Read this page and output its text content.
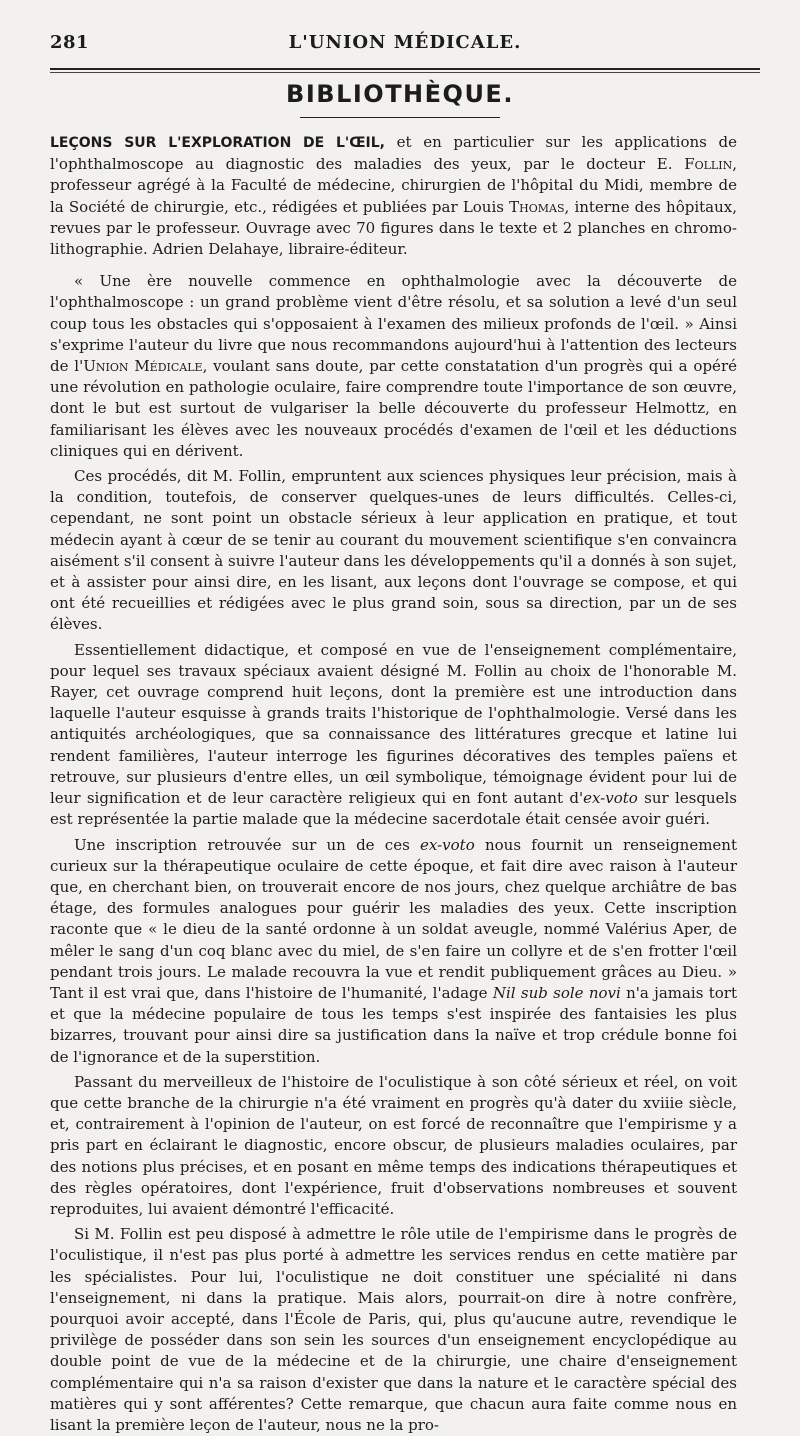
281	L'UNION MÉDICALE.
BIBLIOTHÈQUE.

LEÇONS SUR L'EXPLORATION DE L'ŒIL, et en particulier sur les applications de l'ophthalmoscope au diagnostic des maladies des yeux, par le docteur E. Follin, professeur agrégé à la Faculté de médecine, chirurgien de l'hôpital du Midi, membre de la Société de chirurgie, etc., rédigées et publiées par Louis Thomas, interne des hôpitaux, revues par le professeur. Ouvrage avec 70 figures dans le texte et 2 planches en chromo-lithographie. Adrien Delahaye, libraire-éditeur.

« Une ère nouvelle commence en ophthalmologie avec la découverte de l'ophthalmoscope : un grand problème vient d'être résolu, et sa solution a levé d'un seul coup tous les obstacles qui s'opposaient à l'examen des milieux profonds de l'œil. » Ainsi s'exprime l'auteur du livre que nous recommandons aujourd'hui à l'attention des lecteurs de l'Union Médicale, voulant sans doute, par cette constatation d'un progrès qui a opéré une révolution en pathologie oculaire, faire comprendre toute l'importance de son œuvre, dont le but est surtout de vulgariser la belle découverte du professeur Helmottz, en familiarisant les élèves avec les nouveaux procédés d'examen de l'œil et les déductions cliniques qui en dérivent.

Ces procédés, dit M. Follin, empruntent aux sciences physiques leur précision, mais à la condition, toutefois, de conserver quelques-unes de leurs difficultés. Celles-ci, cependant, ne sont point un obstacle sérieux à leur application en pratique, et tout médecin ayant à cœur de se tenir au courant du mouvement scientifique s'en convaincra aisément s'il consent à suivre l'auteur dans les développements qu'il a donnés à son sujet, et à assister pour ainsi dire, en les lisant, aux leçons dont l'ouvrage se compose, et qui ont été recueillies et rédigées avec le plus grand soin, sous sa direction, par un de ses élèves.

Essentiellement didactique, et composé en vue de l'enseignement complémentaire, pour lequel ses travaux spéciaux avaient désigné M. Follin au choix de l'honorable M. Rayer, cet ouvrage comprend huit leçons, dont la première est une introduction dans laquelle l'auteur esquisse à grands traits l'historique de l'ophthalmologie. Versé dans les antiquités archéologiques, que sa connaissance des littératures grecque et latine lui rendent familières, l'auteur interroge les figurines décoratives des temples païens et retrouve, sur plusieurs d'entre elles, un œil symbolique, témoignage évident pour lui de leur signification et de leur caractère religieux qui en font autant d'ex-voto sur lesquels est représentée la partie malade que la médecine sacerdotale était censée avoir guéri.

Une inscription retrouvée sur un de ces ex-voto nous fournit un renseignement curieux sur la thérapeutique oculaire de cette époque, et fait dire avec raison à l'auteur que, en cherchant bien, on trouverait encore de nos jours, chez quelque archiâtre de bas étage, des formules analogues pour guérir les maladies des yeux. Cette inscription raconte que « le dieu de la santé ordonne à un soldat aveugle, nommé Valérius Aper, de mêler le sang d'un coq blanc avec du miel, de s'en faire un collyre et de s'en frotter l'œil pendant trois jours. Le malade recouvra la vue et rendit publiquement grâces au Dieu. » Tant il est vrai que, dans l'histoire de l'humanité, l'adage Nil sub sole novi n'a jamais tort et que la médecine populaire de tous les temps s'est inspirée des fantaisies les plus bizarres, trouvant pour ainsi dire sa justification dans la naïve et trop crédule bonne foi de l'ignorance et de la superstition.

Passant du merveilleux de l'histoire de l'oculistique à son côté sérieux et réel, on voit que cette branche de la chirurgie n'a été vraiment en progrès qu'à dater du xviiie siècle, et, contrairement à l'opinion de l'auteur, on est forcé de reconnaître que l'empirisme y a pris part en éclairant le diagnostic, encore obscur, de plusieurs maladies oculaires, par des notions plus précises, et en posant en même temps des indications thérapeutiques et des règles opératoires, dont l'expérience, fruit d'observations nombreuses et souvent reproduites, lui avaient démontré l'efficacité.

Si M. Follin est peu disposé à admettre le rôle utile de l'empirisme dans le progrès de l'oculistique, il n'est pas plus porté à admettre les services rendus en cette matière par les spécialistes. Pour lui, l'oculistique ne doit constituer une spécialité ni dans l'enseignement, ni dans la pratique. Mais alors, pourrait-on dire à notre confrère, pourquoi avoir accepté, dans l'École de Paris, qui, plus qu'aucune autre, revendique le privilège de posséder dans son sein les sources d'un enseignement encyclopédique au double point de vue de la médecine et de la chirurgie, une chaire d'enseignement complémentaire qui n'a sa raison d'exister que dans la nature et le caractère spécial des matières qui y sont afférentes? Cette remarque, que chacun aura faite comme nous en lisant la première leçon de l'auteur, nous ne la pro-
